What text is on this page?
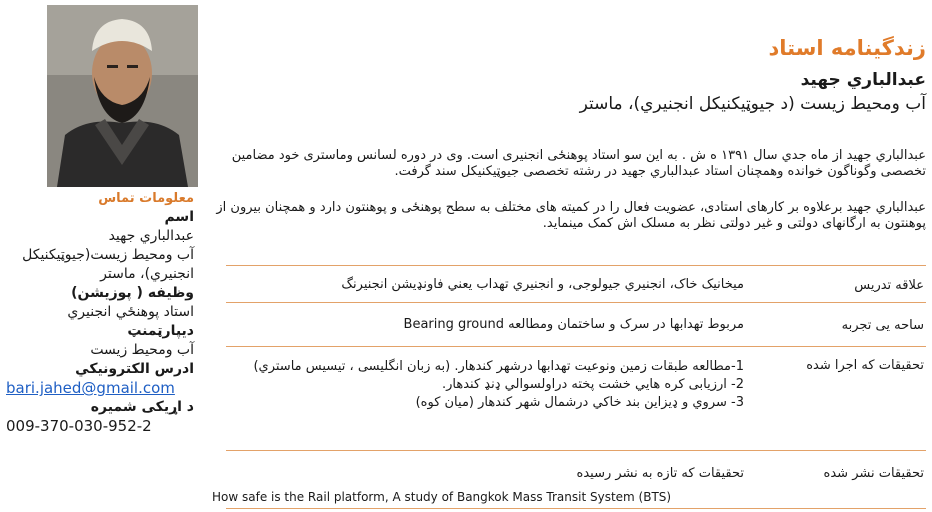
معلومات تماس
اسم
عبدالباري جهيد
آب ومحیط زیست(جیوټیکنیکل انجنیري)، ماستر
وظیفه ( پوزیشن)
استاد پوهنځي انجنیري
دیپارټمنټ
آب ومحیط زیست
ادرس الکترونیکي
bari.jahed@gmail.com
د اړیکی شمیره
009-370-030-952-2
زندگینامه استاد
عبدالباري جهيد
آب ومحیط زیست (د جیوټیکنیکل انجنیري)، ماستر
عبدالباري جهيد از ماه جدي سال ۱۳۹۱ ه ش . به این سو استاد پوهنځی انجنیری است. وی در دوره لسانس وماستری خود مضامین تخصصی وگوناگون خوانده وهمچنان استاد عبدالباري جهيد در رشته تخصصی جیوټیکنیکل سند گرفت.
عبدالباري جهيد برعلاوه بر کارهای استادی، عضویت فعال را در کمیته های مختلف به سطح پوهنځی و پوهنتون دارد و همچنان بیرون از پوهنتون به ارگانهای دولتی و غیر دولتی نظر به مسلک اش کمک مینماید.
علاقه تدریس
میخانیک خاک، انجنیري جیولوجی، و انجنیري تهداب یعني فاونډیشن انجنیرنگ
ساحه یی تجربه
مربوط تهدابها در سرک و ساختمان ومطالعه Bearing ground
تحقیقات که اجرا شده
1-مطالعه طبقات زمین ونوعیت تهدابها درشهر کندهار. (به زبان انگلیسی ، تیسیس ماستري)
2- ارزيابی کره هايي خشت پخته دراولسوالي ډنډ کندهار.
3- سروي و ډیزاین بند خاکي درشمال شهر کندهار (میان کوه)
تحقیقات نشر شده
تحقیقات که تازه به نشر رسیده
How safe is the Rail platform, A study of Bangkok Mass Transit System (BTS)
